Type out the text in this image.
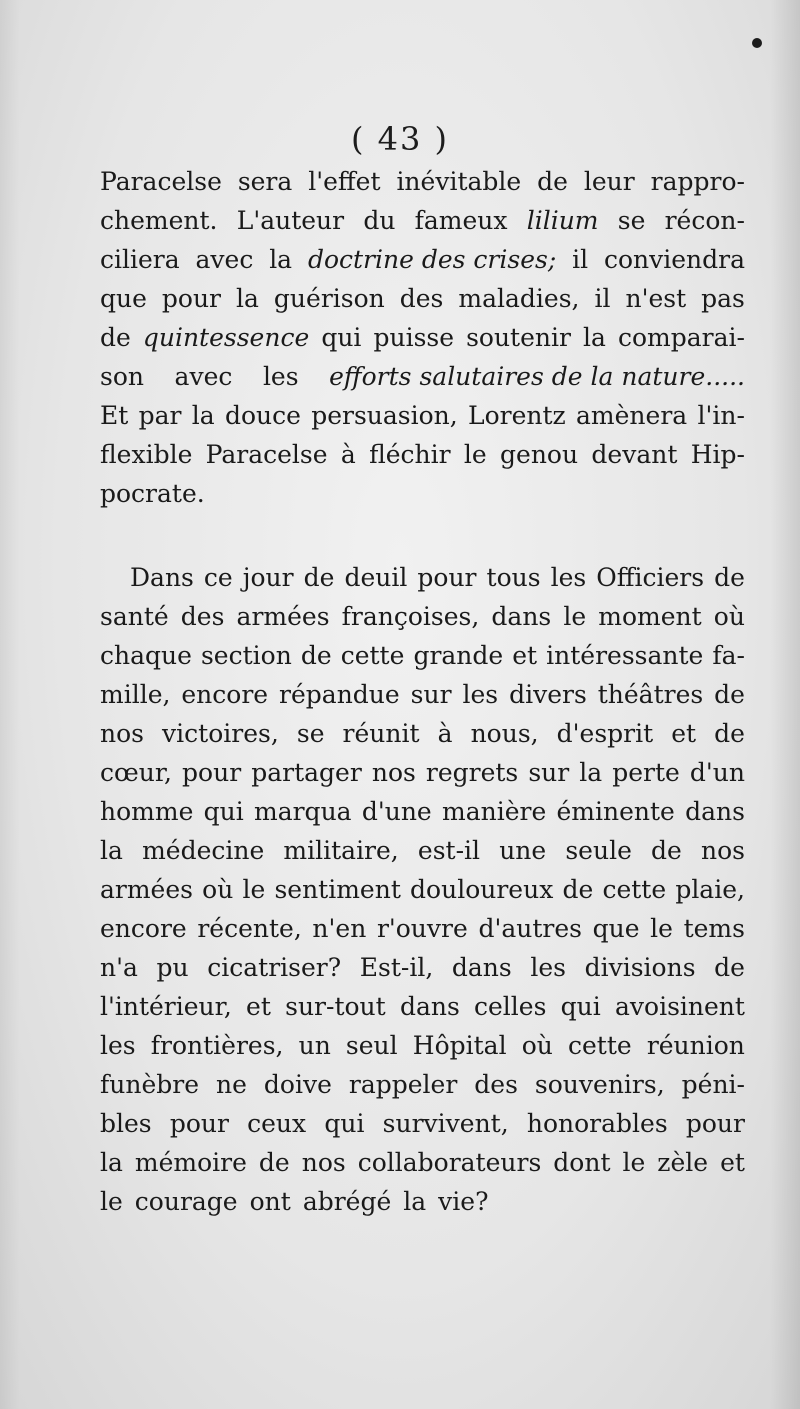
( 43 )
Paracelse sera l'effet inévitable de leur rappro-
chement. L'auteur du fameux lilium se récon-
ciliera avec la doctrine des crises; il conviendra
que pour la guérison des maladies, il n'est pas
de quintessence qui puisse soutenir la comparai-
son avec les efforts salutaires de la nature.....
Et par la douce persuasion, Lorentz amènera l'in-
flexible Paracelse à fléchir le genou devant Hip-
pocrate.
Dans ce jour de deuil pour tous les Officiers de
santé des armées françoises, dans le moment où
chaque section de cette grande et intéressante fa-
mille, encore répandue sur les divers théâtres de
nos victoires, se réunit à nous, d'esprit et de
cœur, pour partager nos regrets sur la perte d'un
homme qui marqua d'une manière éminente dans
la médecine militaire, est-il une seule de nos
armées où le sentiment douloureux de cette plaie,
encore récente, n'en r'ouvre d'autres que le tems
n'a pu cicatriser? Est-il, dans les divisions de
l'intérieur, et sur-tout dans celles qui avoisinent
les frontières, un seul Hôpital où cette réunion
funèbre ne doive rappeler des souvenirs, péni-
bles pour ceux qui survivent, honorables pour
la mémoire de nos collaborateurs dont le zèle et
le courage ont abrégé la vie?
